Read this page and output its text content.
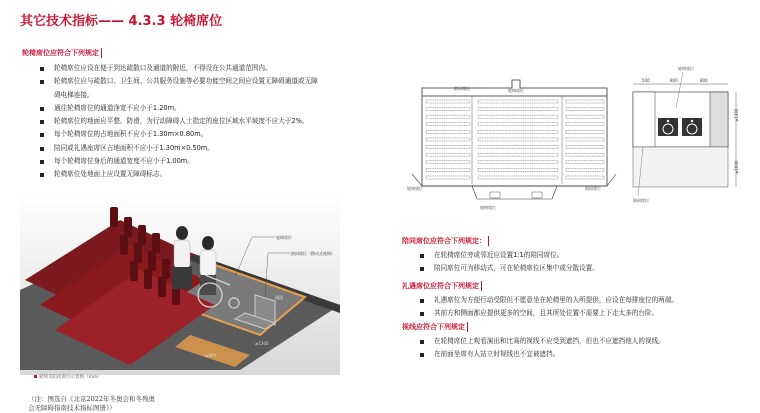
其它技术指标—— 4.3.3 轮椅席位
轮椅席位应符合下列规定
轮椅席位应设在便于到达疏散口及通道的附近，不得设在公共通道范围内。
轮椅席位应与疏散口、卫生间、公共服务设施等必要功能空间之间应设置无障碍通道或无障
碍电梯连接。
通往轮椅席位的通道净宽不应小于1.20m。
轮椅席位的地面应平整、防滑，为行动障碍人士指定的座位区域水平坡度不应大于2%。
每个轮椅席位的占地面积不应小于1.30m×0.80m。
陪同或礼遇座席区占地面积不应小于1.30m×0.50m。
每个轮椅席位身后的通道宽度不应小于1.00m。
轮椅席位处地面上应设置无障碍标志。
轮椅席位
陪同席位（移动式座椅）
通道
≥1300
≥800
轮椅及陪同席位示意图（mm）
（注：图选自《北京2022年冬奥会和冬残奥
会无障碍指南技术指标图册》）
陪同席位	轮椅席位
轮椅席位	陪同席位
轮椅席位
轮椅席位
500	800	800
≥1300
≥1000
陪同席位
陪同席位应符合下列规定：
在轮椅席位旁或邻近应设置1:1的陪同席位。
陪同席位可为移动式，可在轮椅席位区集中或分散设置。
礼遇席位应符合下列规定
礼遇席位为方便行动受限但不愿意坐在轮椅里的人所提供，应设在每排座位的两端。
其前方和侧面都应提供更多的空间，且其所处位置不需要上下走太多的台阶。
视线应符合下列规定
在轮椅席位上观看演出和比赛的视线不应受到遮挡，但也不应遮挡他人的视线。
在前面坐席有人站立时视线也不宜被遮挡。
